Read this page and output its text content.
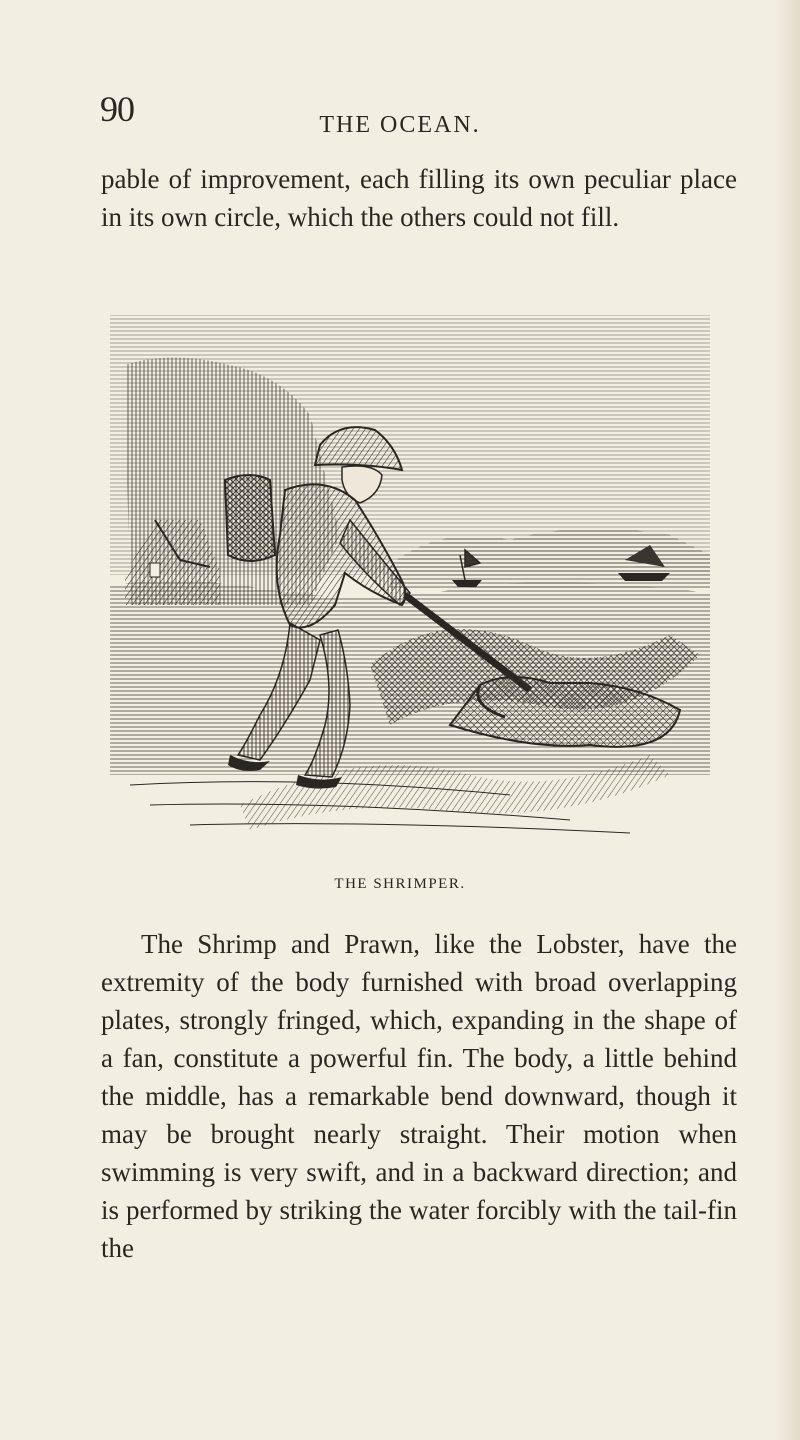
90	THE OCEAN.

pable of improvement, each filling its own peculiar place in its own circle, which the others could not fill.

THE SHRIMPER.

The Shrimp and Prawn, like the Lobster, have the extremity of the body furnished with broad overlapping plates, strongly fringed, which, expanding in the shape of a fan, constitute a powerful fin. The body, a little behind the middle, has a remarkable bend downward, though it may be brought nearly straight. Their motion when swimming is very swift, and in a backward direction; and is performed by striking the water forcibly with the tail-fin the
